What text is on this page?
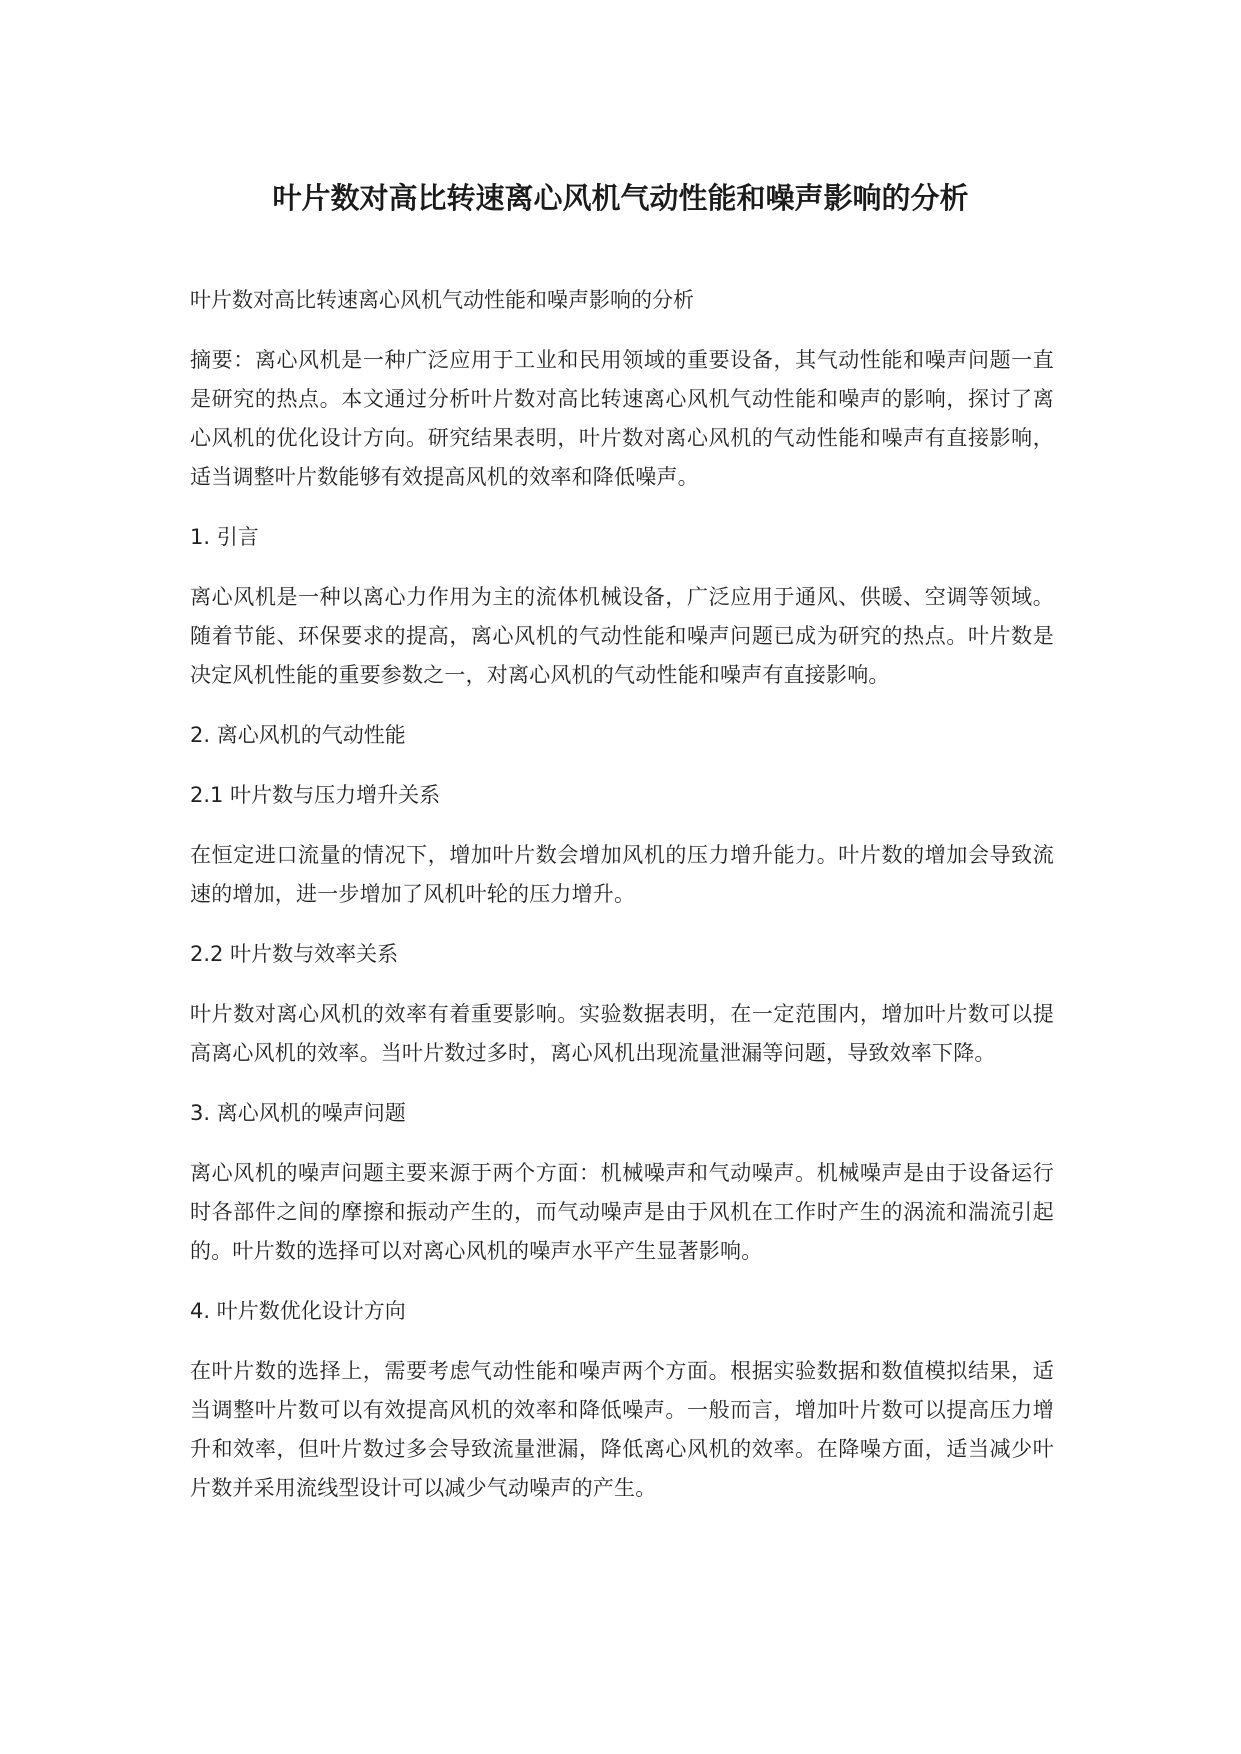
叶片数对高比转速离心风机气动性能和噪声影响的分析

叶片数对高比转速离心风机气动性能和噪声影响的分析

摘要：离心风机是一种广泛应用于工业和民用领域的重要设备，其气动性能和噪声问题一直是研究的热点。本文通过分析叶片数对高比转速离心风机气动性能和噪声的影响，探讨了离心风机的优化设计方向。研究结果表明，叶片数对离心风机的气动性能和噪声有直接影响，适当调整叶片数能够有效提高风机的效率和降低噪声。

1. 引言

离心风机是一种以离心力作用为主的流体机械设备，广泛应用于通风、供暖、空调等领域。随着节能、环保要求的提高，离心风机的气动性能和噪声问题已成为研究的热点。叶片数是决定风机性能的重要参数之一，对离心风机的气动性能和噪声有直接影响。

2. 离心风机的气动性能

2.1 叶片数与压力增升关系

在恒定进口流量的情况下，增加叶片数会增加风机的压力增升能力。叶片数的增加会导致流速的增加，进一步增加了风机叶轮的压力增升。

2.2 叶片数与效率关系

叶片数对离心风机的效率有着重要影响。实验数据表明，在一定范围内，增加叶片数可以提高离心风机的效率。当叶片数过多时，离心风机出现流量泄漏等问题，导致效率下降。

3. 离心风机的噪声问题

离心风机的噪声问题主要来源于两个方面：机械噪声和气动噪声。机械噪声是由于设备运行时各部件之间的摩擦和振动产生的，而气动噪声是由于风机在工作时产生的涡流和湍流引起的。叶片数的选择可以对离心风机的噪声水平产生显著影响。

4. 叶片数优化设计方向

在叶片数的选择上，需要考虑气动性能和噪声两个方面。根据实验数据和数值模拟结果，适当调整叶片数可以有效提高风机的效率和降低噪声。一般而言，增加叶片数可以提高压力增升和效率，但叶片数过多会导致流量泄漏，降低离心风机的效率。在降噪方面，适当减少叶片数并采用流线型设计可以减少气动噪声的产生。
